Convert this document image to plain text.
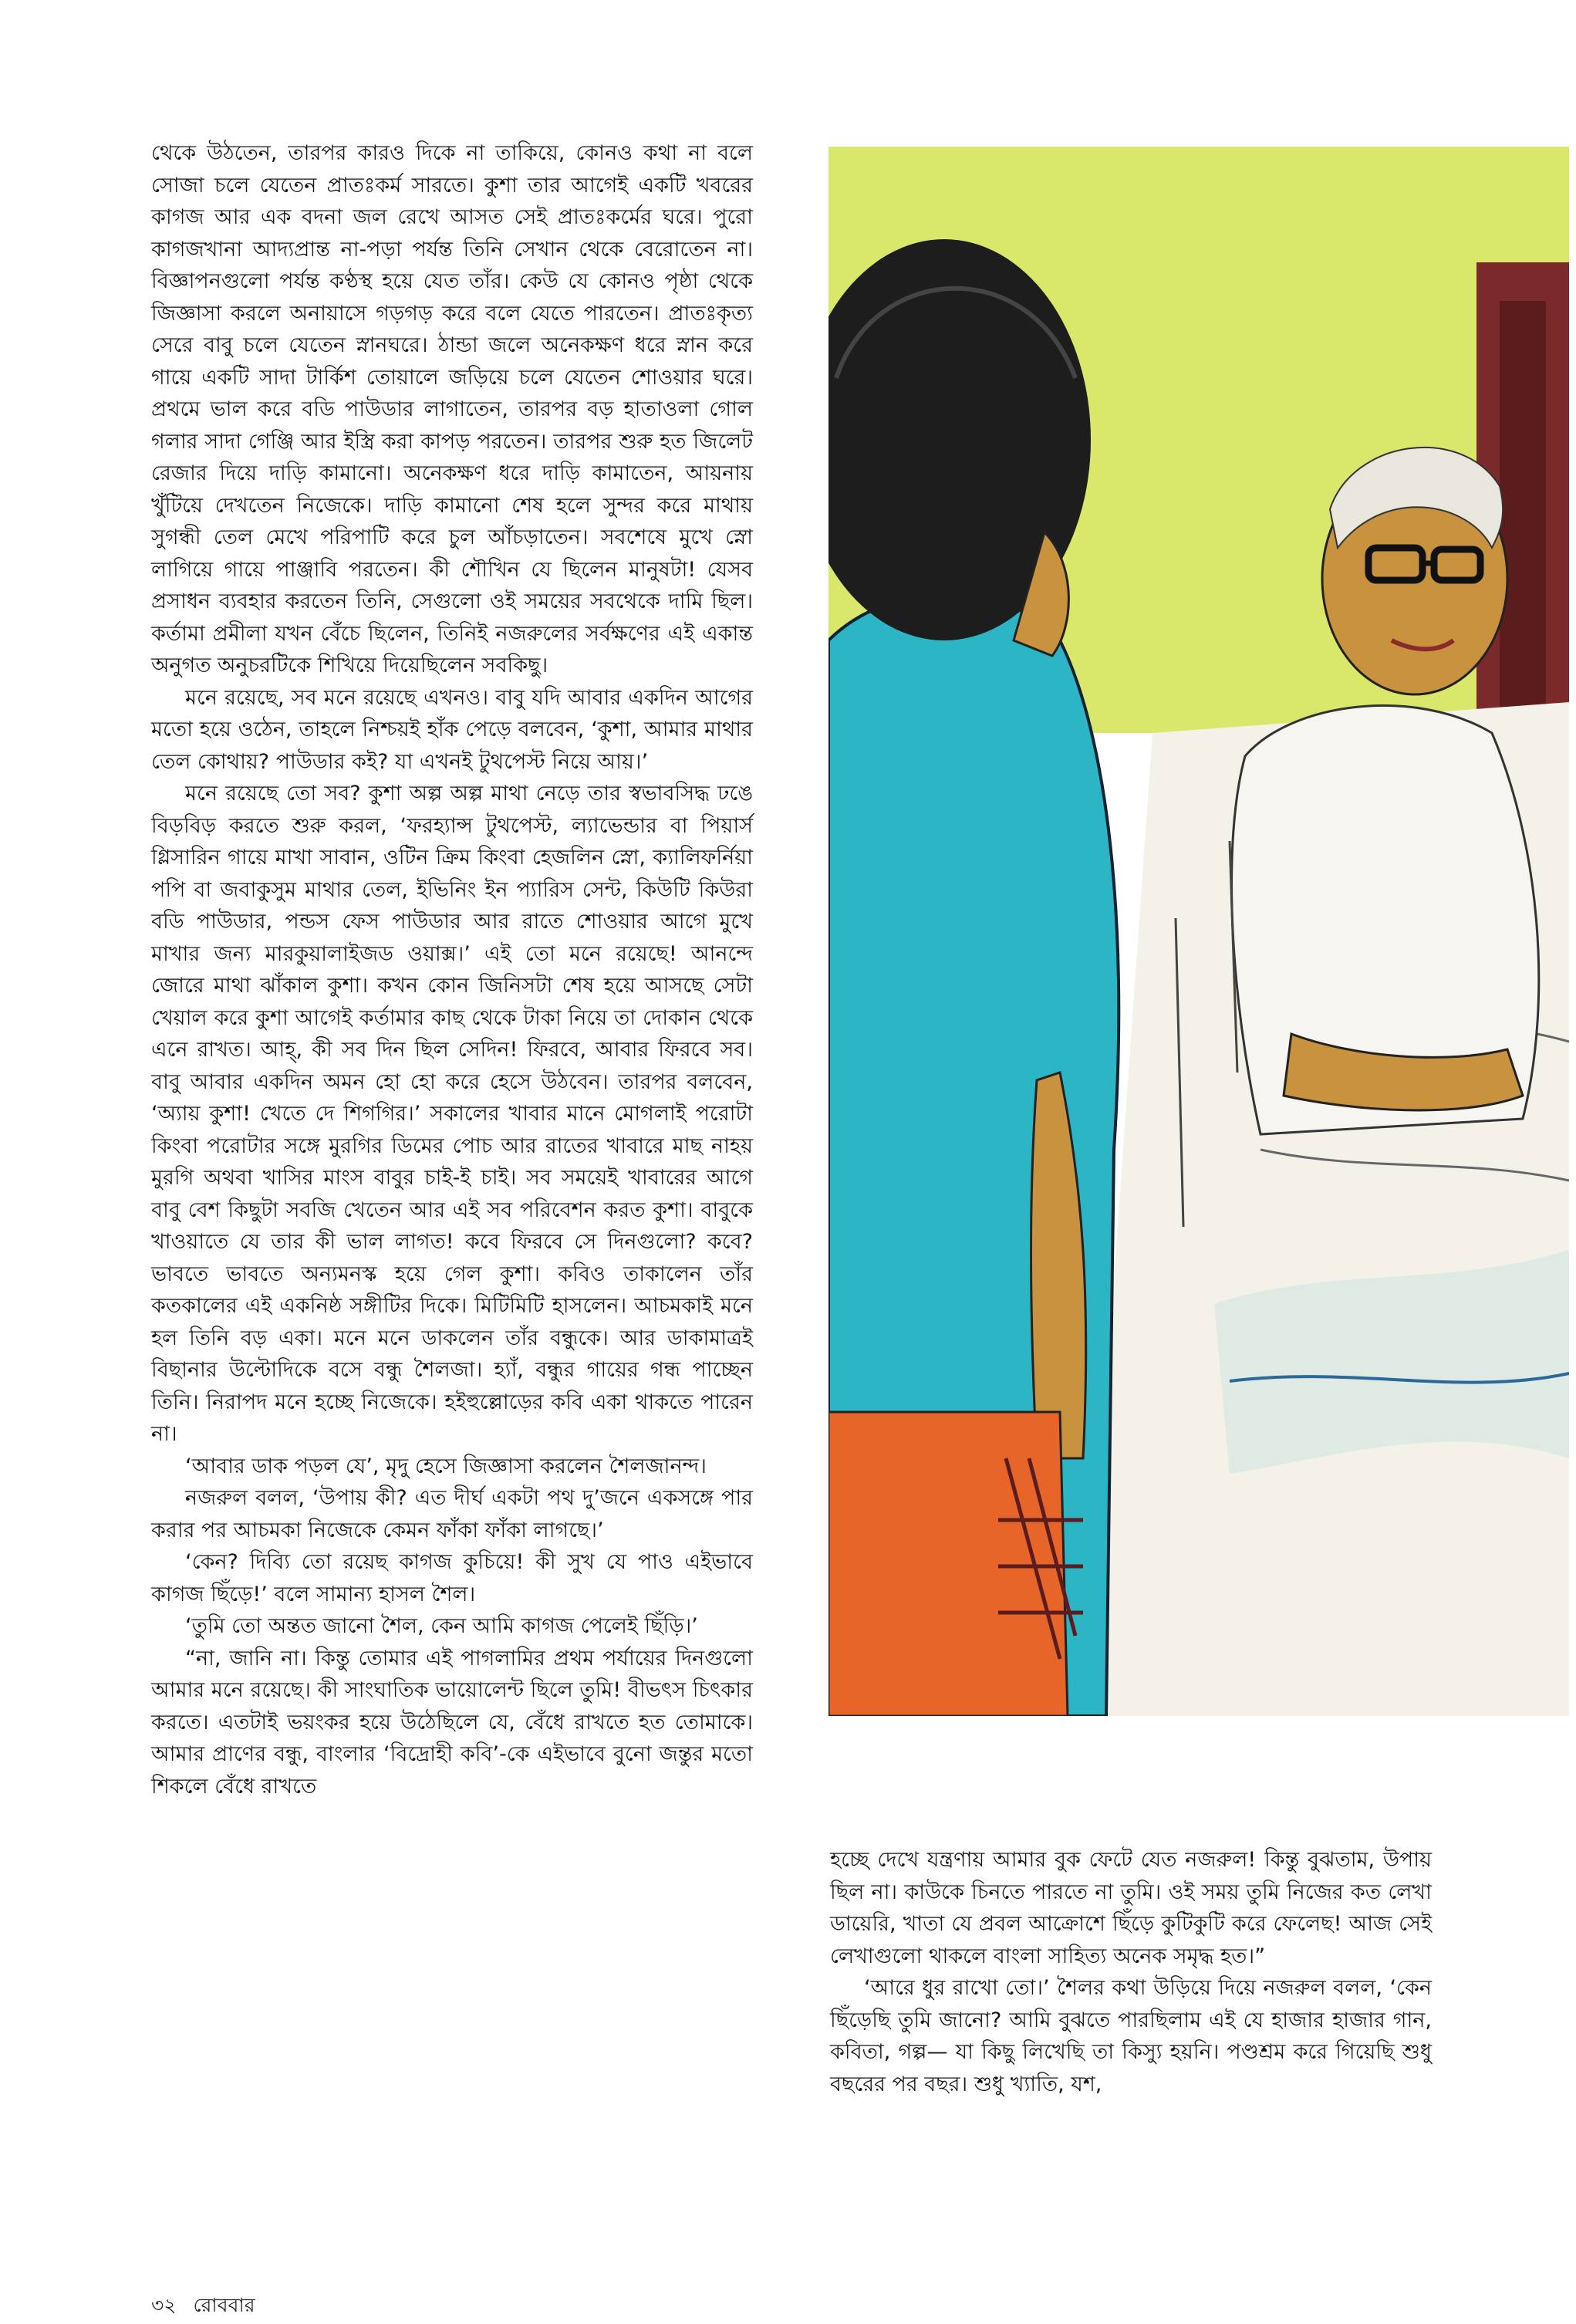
থেকে উঠতেন, তারপর কারও দিকে না তাকিয়ে, কোনও কথা না বলে সোজা চলে যেতেন প্রাতঃকর্ম সারতে। কুশা তার আগেই একটি খবরের কাগজ আর এক বদনা জল রেখে আসত সেই প্রাতঃকর্মের ঘরে। পুরো কাগজখানা আদ্যপ্রান্ত না-পড়া পর্যন্ত তিনি সেখান থেকে বেরোতেন না। বিজ্ঞাপনগুলো পর্যন্ত কণ্ঠস্থ হয়ে যেত তাঁর। কেউ যে কোনও পৃষ্ঠা থেকে জিজ্ঞাসা করলে অনায়াসে গড়গড় করে বলে যেতে পারতেন। প্রাতঃকৃত্য সেরে বাবু চলে যেতেন স্নানঘরে। ঠান্ডা জলে অনেকক্ষণ ধরে স্নান করে গায়ে একটি সাদা টার্কিশ তোয়ালে জড়িয়ে চলে যেতেন শোওয়ার ঘরে। প্রথমে ভাল করে বডি পাউডার লাগাতেন, তারপর বড় হাতাওলা গোল গলার সাদা গেঞ্জি আর ইস্ত্রি করা কাপড় পরতেন। তারপর শুরু হত জিলেট রেজার দিয়ে দাড়ি কামানো। অনেকক্ষণ ধরে দাড়ি কামাতেন, আয়নায় খুঁটিয়ে দেখতেন নিজেকে। দাড়ি কামানো শেষ হলে সুন্দর করে মাথায় সুগন্ধী তেল মেখে পরিপাটি করে চুল আঁচড়াতেন। সবশেষে মুখে স্নো লাগিয়ে গায়ে পাঞ্জাবি পরতেন। কী শৌখিন যে ছিলেন মানুষটা! যেসব প্রসাধন ব্যবহার করতেন তিনি, সেগুলো ওই সময়ের সবথেকে দামি ছিল। কর্তামা প্রমীলা যখন বেঁচে ছিলেন, তিনিই নজরুলের সর্বক্ষণের এই একান্ত অনুগত অনুচরটিকে শিখিয়ে দিয়েছিলেন সবকিছু।

মনে রয়েছে, সব মনে রয়েছে এখনও। বাবু যদি আবার একদিন আগের মতো হয়ে ওঠেন, তাহলে নিশ্চয়ই হাঁক পেড়ে বলবেন, ‘কুশা, আমার মাথার তেল কোথায়? পাউডার কই? যা এখনই টুথপেস্ট নিয়ে আয়।’

মনে রয়েছে তো সব? কুশা অল্প অল্প মাথা নেড়ে তার স্বভাবসিদ্ধ ঢঙে বিড়বিড় করতে শুরু করল, ‘ফরহ্যান্স টুথপেস্ট, ল্যাভেন্ডার বা পিয়ার্স গ্লিসারিন গায়ে মাখা সাবান, ওটিন ক্রিম কিংবা হেজলিন স্নো, ক্যালিফর্নিয়া পপি বা জবাকুসুম মাথার তেল, ইভিনিং ইন প্যারিস সেন্ট, কিউটি কিউরা বডি পাউডার, পন্ডস ফেস পাউডার আর রাতে শোওয়ার আগে মুখে মাখার জন্য মারকুয়ালাইজড ওয়াক্স।’ এই তো মনে রয়েছে! আনন্দে জোরে মাথা ঝাঁকাল কুশা। কখন কোন জিনিসটা শেষ হয়ে আসছে সেটা খেয়াল করে কুশা আগেই কর্তামার কাছ থেকে টাকা নিয়ে তা দোকান থেকে এনে রাখত। আহ্, কী সব দিন ছিল সেদিন! ফিরবে, আবার ফিরবে সব। বাবু আবার একদিন অমন হো হো করে হেসে উঠবেন। তারপর বলবেন, ‘অ্যায় কুশা! খেতে দে শিগগির।’ সকালের খাবার মানে মোগলাই পরোটা কিংবা পরোটার সঙ্গে মুরগির ডিমের পোচ আর রাতের খাবারে মাছ নাহয় মুরগি অথবা খাসির মাংস বাবুর চাই-ই চাই। সব সময়েই খাবারের আগে বাবু বেশ কিছুটা সবজি খেতেন আর এই সব পরিবেশন করত কুশা। বাবুকে খাওয়াতে যে তার কী ভাল লাগত! কবে ফিরবে সে দিনগুলো? কবে? ভাবতে ভাবতে অন্যমনস্ক হয়ে গেল কুশা। কবিও তাকালেন তাঁর কতকালের এই একনিষ্ঠ সঙ্গীটির দিকে। মিটিমিটি হাসলেন। আচমকাই মনে হল তিনি বড় একা। মনে মনে ডাকলেন তাঁর বন্ধুকে। আর ডাকামাত্রই বিছানার উল্টোদিকে বসে বন্ধু শৈলজা। হ্যাঁ, বন্ধুর গায়ের গন্ধ পাচ্ছেন তিনি। নিরাপদ মনে হচ্ছে নিজেকে। হইহুল্লোড়ের কবি একা থাকতে পারেন না।

‘আবার ডাক পড়ল যে’, মৃদু হেসে জিজ্ঞাসা করলেন শৈলজানন্দ।

নজরুল বলল, ‘উপায় কী? এত দীর্ঘ একটা পথ দু’জনে একসঙ্গে পার করার পর আচমকা নিজেকে কেমন ফাঁকা ফাঁকা লাগছে।’

‘কেন? দিব্যি তো রয়েছ কাগজ কুচিয়ে! কী সুখ যে পাও এইভাবে কাগজ ছিঁড়ে!’ বলে সামান্য হাসল শৈল।

‘তুমি তো অন্তত জানো শৈল, কেন আমি কাগজ পেলেই ছিঁড়ি।’

“না, জানি না। কিন্তু তোমার এই পাগলামির প্রথম পর্যায়ের দিনগুলো আমার মনে রয়েছে। কী সাংঘাতিক ভায়োলেন্ট ছিলে তুমি! বীভৎস চিৎকার করতে। এতটাই ভয়ংকর হয়ে উঠেছিলে যে, বেঁধে রাখতে হত তোমাকে। আমার প্রাণের বন্ধু, বাংলার ‘বিদ্রোহী কবি’-কে এইভাবে বুনো জন্তুর মতো শিকলে বেঁধে রাখতে

হচ্ছে দেখে যন্ত্রণায় আমার বুক ফেটে যেত নজরুল! কিন্তু বুঝতাম, উপায় ছিল না। কাউকে চিনতে পারতে না তুমি। ওই সময় তুমি নিজের কত লেখা ডায়েরি, খাতা যে প্রবল আক্রোশে ছিঁড়ে কুটিকুটি করে ফেলেছ! আজ সেই লেখাগুলো থাকলে বাংলা সাহিত্য অনেক সমৃদ্ধ হত।”

‘আরে ধুর রাখো তো।’ শৈলর কথা উড়িয়ে দিয়ে নজরুল বলল, ‘কেন ছিঁড়েছি তুমি জানো? আমি বুঝতে পারছিলাম এই যে হাজার হাজার গান, কবিতা, গল্প— যা কিছু লিখেছি তা কিস্যু হয়নি। পণ্ডশ্রম করে গিয়েছি শুধু বছরের পর বছর। শুধু খ্যাতি, যশ,

৩২ রোববার
